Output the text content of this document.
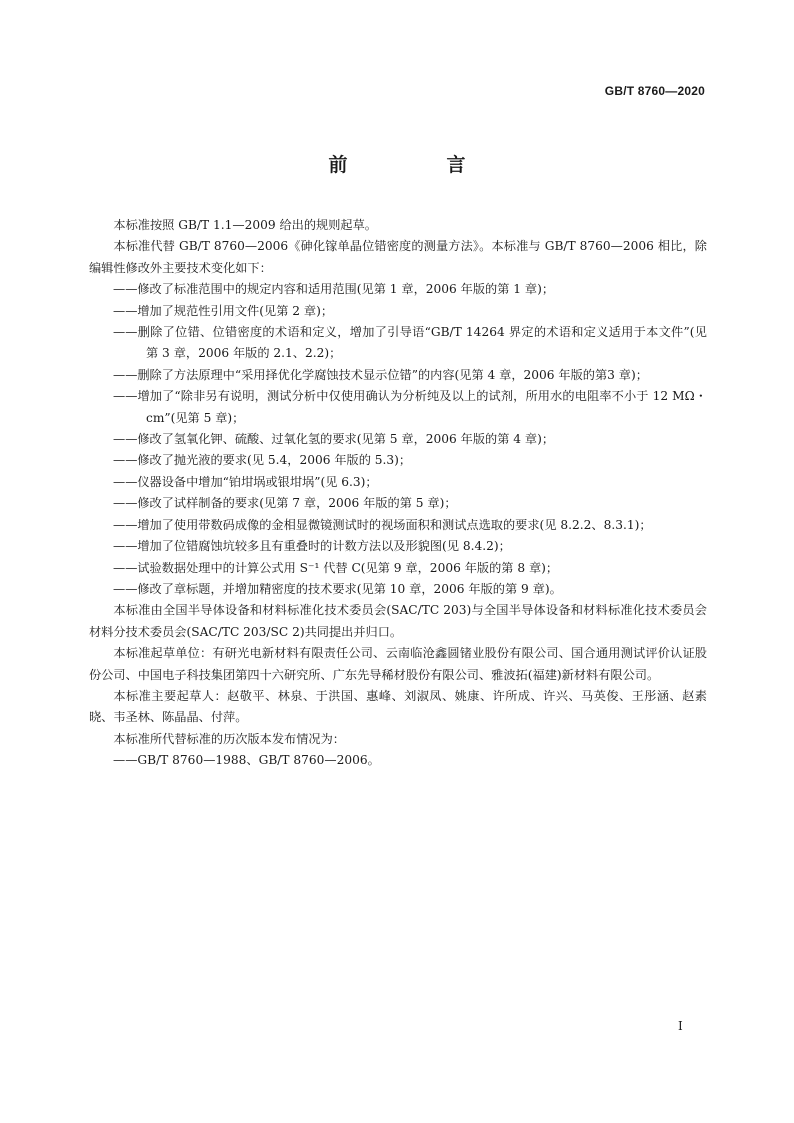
GB/T 8760—2020
前　言

本标准按照 GB/T 1.1—2009 给出的规则起草。

本标准代替 GB/T 8760—2006《砷化镓单晶位错密度的测量方法》。本标准与 GB/T 8760—2006 相比，除编辑性修改外主要技术变化如下：

——修改了标准范围中的规定内容和适用范围(见第 1 章，2006 年版的第 1 章)；

——增加了规范性引用文件(见第 2 章)；

——删除了位错、位错密度的术语和定义，增加了引导语“GB/T 14264 界定的术语和定义适用于本文件”(见第 3 章，2006 年版的 2.1、2.2)；

——删除了方法原理中“采用择优化学腐蚀技术显示位错”的内容(见第 4 章，2006 年版的第3 章)；

——增加了“除非另有说明，测试分析中仅使用确认为分析纯及以上的试剂，所用水的电阻率不小于 12 MΩ・cm”(见第 5 章)；

——修改了氢氧化钾、硫酸、过氧化氢的要求(见第 5 章，2006 年版的第 4 章)；

——修改了抛光液的要求(见 5.4，2006 年版的 5.3)；

——仪器设备中增加“铂坩埚或银坩埚”(见 6.3)；

——修改了试样制备的要求(见第 7 章，2006 年版的第 5 章)；

——增加了使用带数码成像的金相显微镜测试时的视场面积和测试点选取的要求(见 8.2.2、8.3.1)；

——增加了位错腐蚀坑较多且有重叠时的计数方法以及形貌图(见 8.4.2)；

——试验数据处理中的计算公式用 S⁻¹ 代替 C(见第 9 章，2006 年版的第 8 章)；

——修改了章标题，并增加精密度的技术要求(见第 10 章，2006 年版的第 9 章)。

本标准由全国半导体设备和材料标准化技术委员会(SAC/TC 203)与全国半导体设备和材料标准化技术委员会材料分技术委员会(SAC/TC 203/SC 2)共同提出并归口。

本标准起草单位：有研光电新材料有限责任公司、云南临沧鑫圆锗业股份有限公司、国合通用测试评价认证股份公司、中国电子科技集团第四十六研究所、广东先导稀材股份有限公司、雅波拓(福建)新材料有限公司。

本标准主要起草人：赵敬平、林泉、于洪国、惠峰、刘淑凤、姚康、许所成、许兴、马英俊、王彤涵、赵素晓、韦圣林、陈晶晶、付萍。

本标准所代替标准的历次版本发布情况为：

——GB/T 8760—1988、GB/T 8760—2006。

I
